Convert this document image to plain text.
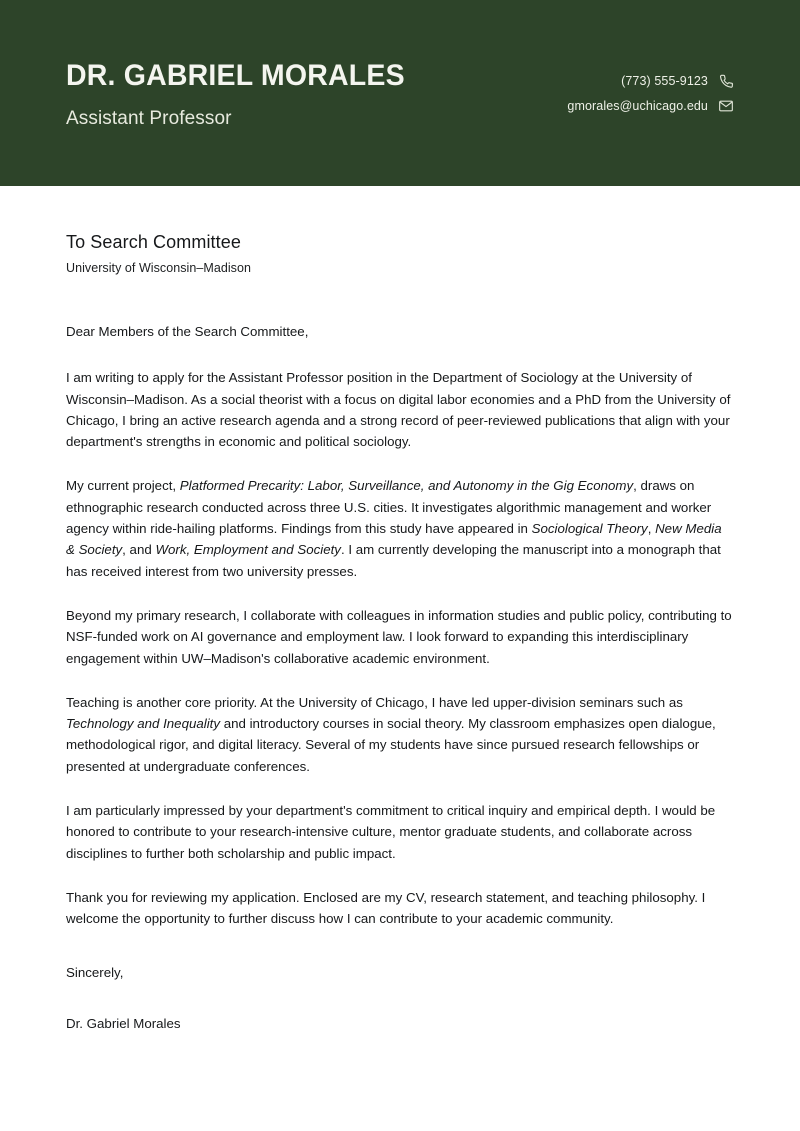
DR. GABRIEL MORALES

Assistant Professor

(773) 555-9123
gmorales@uchicago.edu
To Search Committee

University of Wisconsin–Madison

Dear Members of the Search Committee,

I am writing to apply for the Assistant Professor position in the Department of Sociology at the University of Wisconsin–Madison. As a social theorist with a focus on digital labor economies and a PhD from the University of Chicago, I bring an active research agenda and a strong record of peer-reviewed publications that align with your department's strengths in economic and political sociology.

My current project, Platformed Precarity: Labor, Surveillance, and Autonomy in the Gig Economy, draws on ethnographic research conducted across three U.S. cities. It investigates algorithmic management and worker agency within ride-hailing platforms. Findings from this study have appeared in Sociological Theory, New Media & Society, and Work, Employment and Society. I am currently developing the manuscript into a monograph that has received interest from two university presses.

Beyond my primary research, I collaborate with colleagues in information studies and public policy, contributing to NSF-funded work on AI governance and employment law. I look forward to expanding this interdisciplinary engagement within UW–Madison's collaborative academic environment.

Teaching is another core priority. At the University of Chicago, I have led upper-division seminars such as Technology and Inequality and introductory courses in social theory. My classroom emphasizes open dialogue, methodological rigor, and digital literacy. Several of my students have since pursued research fellowships or presented at undergraduate conferences.

I am particularly impressed by your department's commitment to critical inquiry and empirical depth. I would be honored to contribute to your research-intensive culture, mentor graduate students, and collaborate across disciplines to further both scholarship and public impact.

Thank you for reviewing my application. Enclosed are my CV, research statement, and teaching philosophy. I welcome the opportunity to further discuss how I can contribute to your academic community.

Sincerely,

Dr. Gabriel Morales
